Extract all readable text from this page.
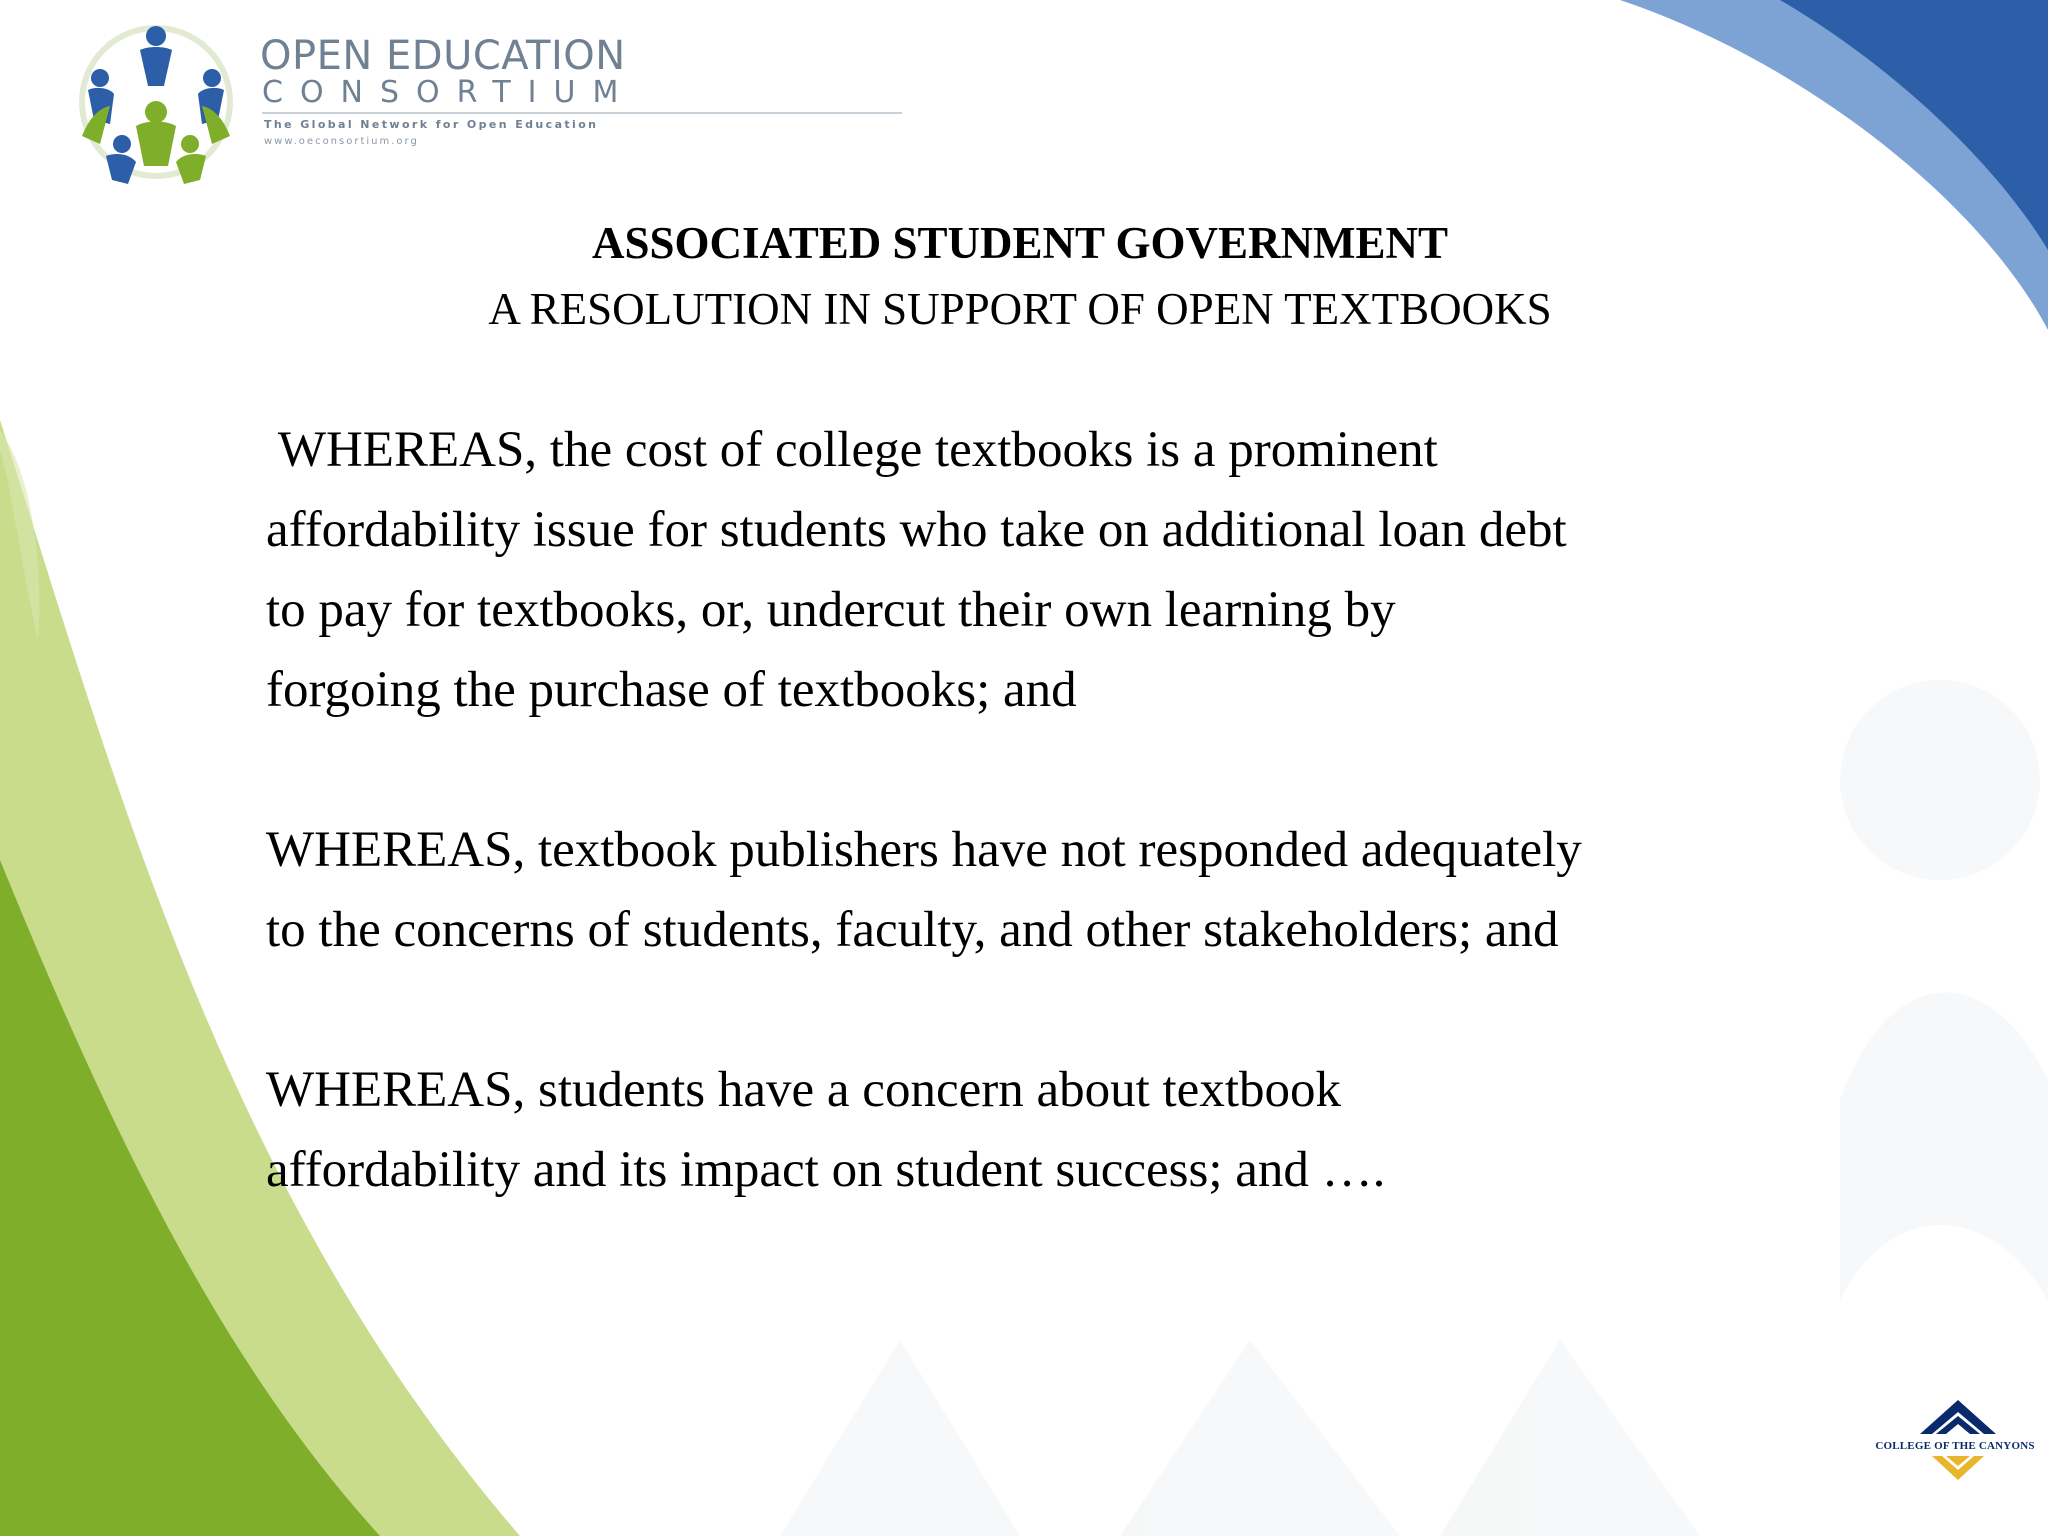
OPEN EDUCATION
CONSORTIUM
The Global Network for Open Education
www.oeconsortium.org
ASSOCIATED STUDENT GOVERNMENT
A RESOLUTION IN SUPPORT OF OPEN TEXTBOOKS
WHEREAS, the cost of college textbooks is a prominent
affordability issue for students who take on additional loan debt
to pay for textbooks, or, undercut their own learning by
forgoing the purchase of textbooks; and
WHEREAS, textbook publishers have not responded adequately
to the concerns of students, faculty, and other stakeholders; and
WHEREAS, students have a concern about textbook
affordability and its impact on student success; and ….
COLLEGE OF THE CANYONS
